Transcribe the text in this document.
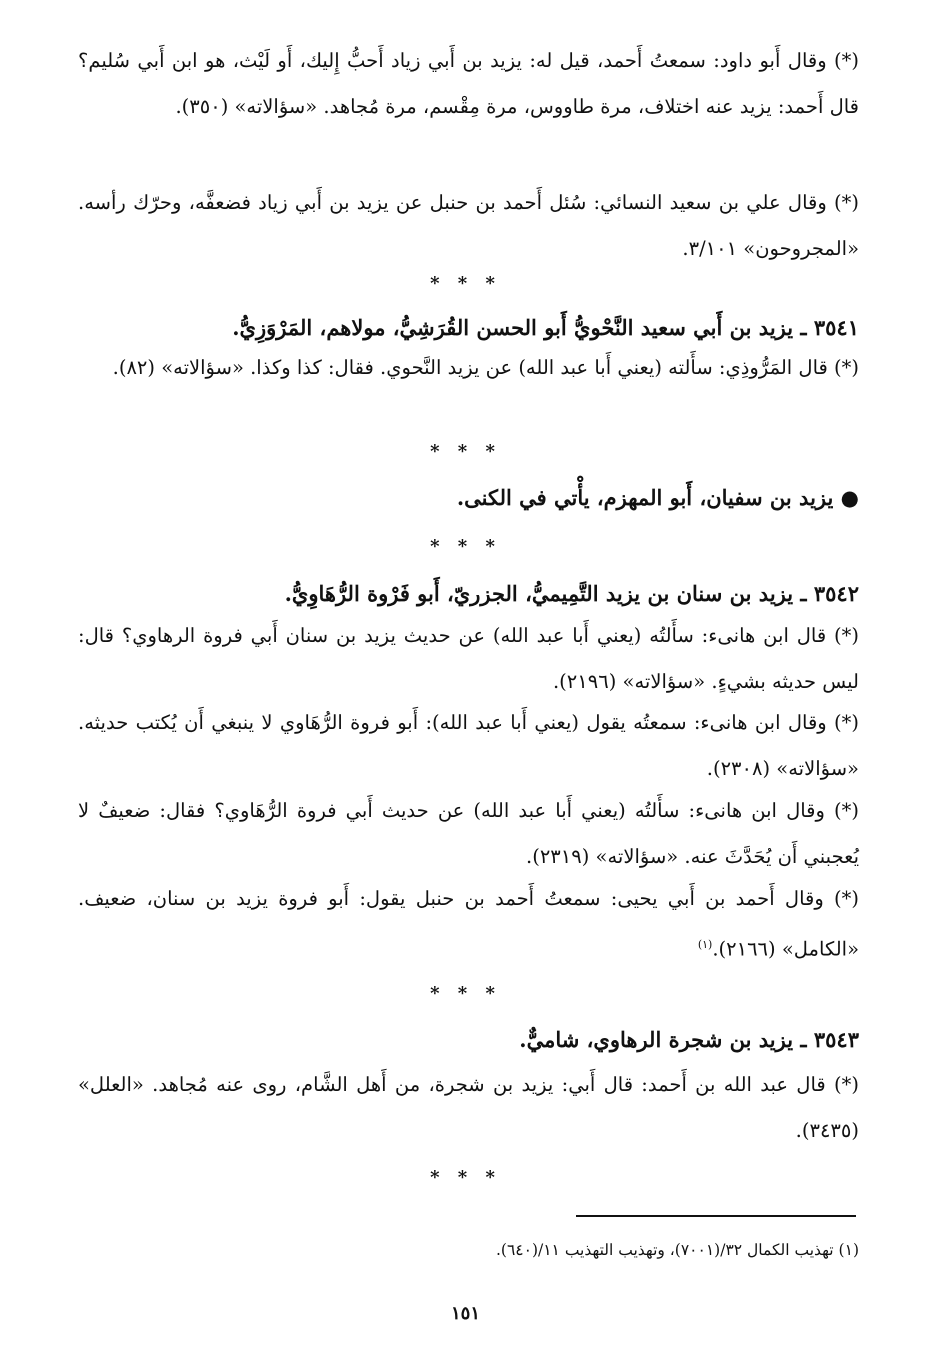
(*) وقال أَبو داود: سمعتُ أَحمد، قيل له: يزيد بن أَبي زياد أَحبُّ إِليك، أَو لَيْث، هو ابن أَبي سُليم؟ قال أَحمد: يزيد عنه اختلاف، مرة طاووس، مرة مِقْسم، مرة مُجاهد. «سؤالاته» (٣٥٠).

(*) وقال علي بن سعيد النسائي: سُئل أَحمد بن حنبل عن يزيد بن أَبي زياد فضعفَّه، وحرّك رأسه. «المجروحون» ٣/١٠١.

* * *
٣٥٤١ ـ يزيد بن أَبي سعيد النَّحْويُّ أَبو الحسن القُرَشِيُّ، مولاهم، المَرْوَزِيُّ.

(*) قال المَرُّوذِي: سأَلته (يعني أَبا عبد الله) عن يزيد النَّحوي. فقال: كذا وكذا. «سؤالاته» (٨٢).

* * *
● يزيد بن سفيان، أَبو المهزم، يأْتي في الكنى.
* * *
٣٥٤٢ ـ يزيد بن سنان بن يزيد التَّمِيميُّ، الجزريّ، أَبو فَرْوة الرُّهَاوِيُّ.

(*) قال ابن هانىء: سأَلتُه (يعني أَبا عبد الله) عن حديث يزيد بن سنان أَبي فروة الرهاوي؟ قال: ليس حديثه بشيءٍ. «سؤالاته» (٢١٩٦).

(*) وقال ابن هانىء: سمعتُه يقول (يعني أَبا عبد الله): أَبو فروة الرُّهَاوي لا ينبغي أَن يُكتب حديثه. «سؤالاته» (٢٣٠٨).

(*) وقال ابن هانىء: سأَلتُه (يعني أَبا عبد الله) عن حديث أَبي فروة الرُّهَاوي؟ فقال: ضعيفٌ لا يُعجبني أَن يُحَدَّثَ عنه. «سؤالاته» (٢٣١٩).

(*) وقال أَحمد بن أَبي يحيى: سمعتُ أَحمد بن حنبل يقول: أَبو فروة يزيد بن سنان، ضعيف. «الكامل» (٢١٦٦).$^{(١)}$

* * *
٣٥٤٣ ـ يزيد بن شجرة الرهاوي، شاميٌّ.

(*) قال عبد الله بن أَحمد: قال أَبي: يزيد بن شجرة، من أَهل الشَّام، روى عنه مُجاهد. «العلل» (٣٤٣٥).

* * *
(١) تهذيب الكمال ٣٢/(٧٠٠١)، وتهذيب التهذيب ١١/(٦٤٠).
١٥١
